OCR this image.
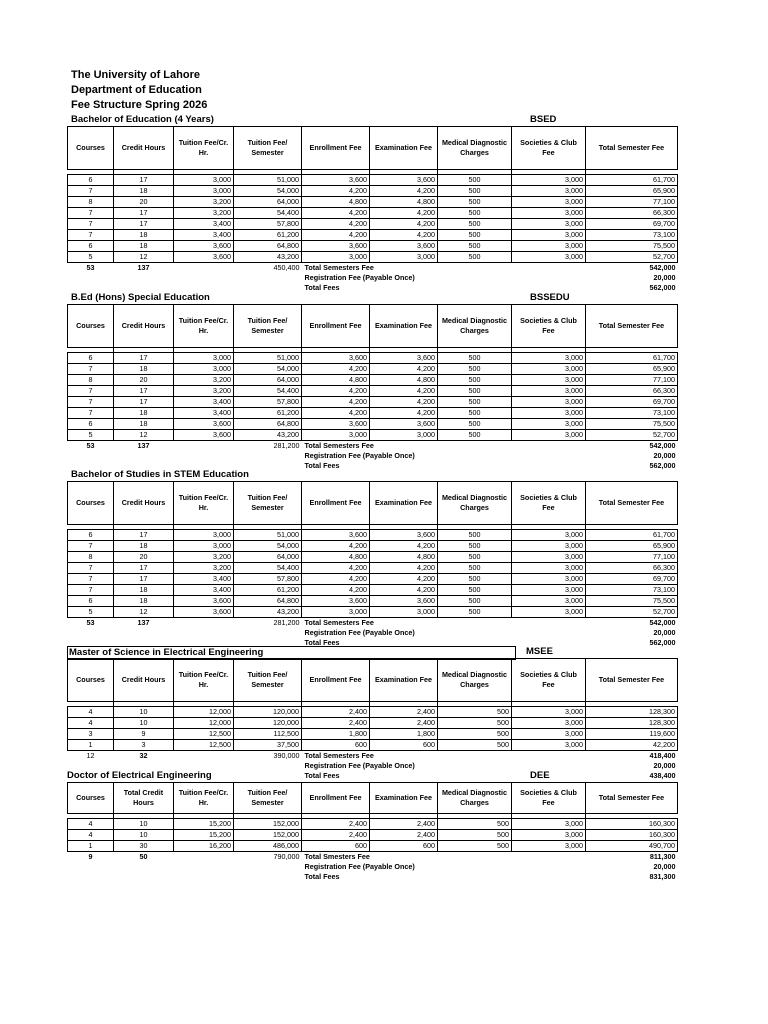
The University of Lahore
Department of Education
Fee Structure Spring 2026
Bachelor of Education (4 Years)	BSED
Courses	Credit Hours	Tuition Fee/Cr. Hr.	Tuition Fee/ Semester	Enrollment Fee	Examination Fee	Medical Diagnostic Charges	Societies & Club Fee	Total Semester Fee

6	17	3,000	51,000	3,600	3,600	500	3,000	61,700
7	18	3,000	54,000	4,200	4,200	500	3,000	65,900
8	20	3,200	64,000	4,800	4,800	500	3,000	77,100
7	17	3,200	54,400	4,200	4,200	500	3,000	66,300
7	17	3,400	57,800	4,200	4,200	500	3,000	69,700
7	18	3,400	61,200	4,200	4,200	500	3,000	73,100
6	18	3,600	64,800	3,600	3,600	500	3,000	75,500
5	12	3,600	43,200	3,000	3,000	500	3,000	52,700
53	137		450,400	Total Semesters Fee				542,000
				Registration Fee (Payable Once)				20,000
				Total Fees				562,000
B.Ed (Hons) Special Education	BSSEDU
Courses	Credit Hours	Tuition Fee/Cr. Hr.	Tuition Fee/ Semester	Enrollment Fee	Examination Fee	Medical Diagnostic Charges	Societies & Club Fee	Total Semester Fee

6	17	3,000	51,000	3,600	3,600	500	3,000	61,700
7	18	3,000	54,000	4,200	4,200	500	3,000	65,900
8	20	3,200	64,000	4,800	4,800	500	3,000	77,100
7	17	3,200	54,400	4,200	4,200	500	3,000	66,300
7	17	3,400	57,800	4,200	4,200	500	3,000	69,700
7	18	3,400	61,200	4,200	4,200	500	3,000	73,100
6	18	3,600	64,800	3,600	3,600	500	3,000	75,500
5	12	3,600	43,200	3,000	3,000	500	3,000	52,700
53	137		281,200	Total Semesters Fee				542,000
				Registration Fee (Payable Once)				20,000
				Total Fees				562,000
Bachelor of Studies in STEM Education
Courses	Credit Hours	Tuition Fee/Cr. Hr.	Tuition Fee/ Semester	Enrollment Fee	Examination Fee	Medical Diagnostic Charges	Societies & Club Fee	Total Semester Fee

6	17	3,000	51,000	3,600	3,600	500	3,000	61,700
7	18	3,000	54,000	4,200	4,200	500	3,000	65,900
8	20	3,200	64,000	4,800	4,800	500	3,000	77,100
7	17	3,200	54,400	4,200	4,200	500	3,000	66,300
7	17	3,400	57,800	4,200	4,200	500	3,000	69,700
7	18	3,400	61,200	4,200	4,200	500	3,000	73,100
6	18	3,600	64,800	3,600	3,600	500	3,000	75,500
5	12	3,600	43,200	3,000	3,000	500	3,000	52,700
53	137		281,200	Total Semesters Fee				542,000
				Registration Fee (Payable Once)				20,000
				Total Fees				562,000
Master of Science in Electrical Engineering	MSEE
Courses	Credit Hours	Tuition Fee/Cr. Hr.	Tuition Fee/ Semester	Enrollment Fee	Examination Fee	Medical Diagnostic Charges	Societies & Club Fee	Total Semester Fee

4	10	12,000	120,000	2,400	2,400	500	3,000	128,300
4	10	12,000	120,000	2,400	2,400	500	3,000	128,300
3	9	12,500	112,500	1,800	1,800	500	3,000	119,600
1	3	12,500	37,500	600	600	500	3,000	42,200
12	32		390,000	Total Semesters Fee				418,400
				Registration Fee (Payable Once)				20,000
				Total Fees				438,400
Doctor of Electrical Engineering	DEE
Courses	Total Credit Hours	Tuition Fee/Cr. Hr.	Tuition Fee/ Semester	Enrollment Fee	Examination Fee	Medical Diagnostic Charges	Societies & Club Fee	Total Semester Fee

4	10	15,200	152,000	2,400	2,400	500	3,000	160,300
4	10	15,200	152,000	2,400	2,400	500	3,000	160,300
1	30	16,200	486,000	600	600	500	3,000	490,700
9	50		790,000	Total Smesters Fee				811,300
				Registration Fee (Payable Once)				20,000
				Total Fees				831,300
